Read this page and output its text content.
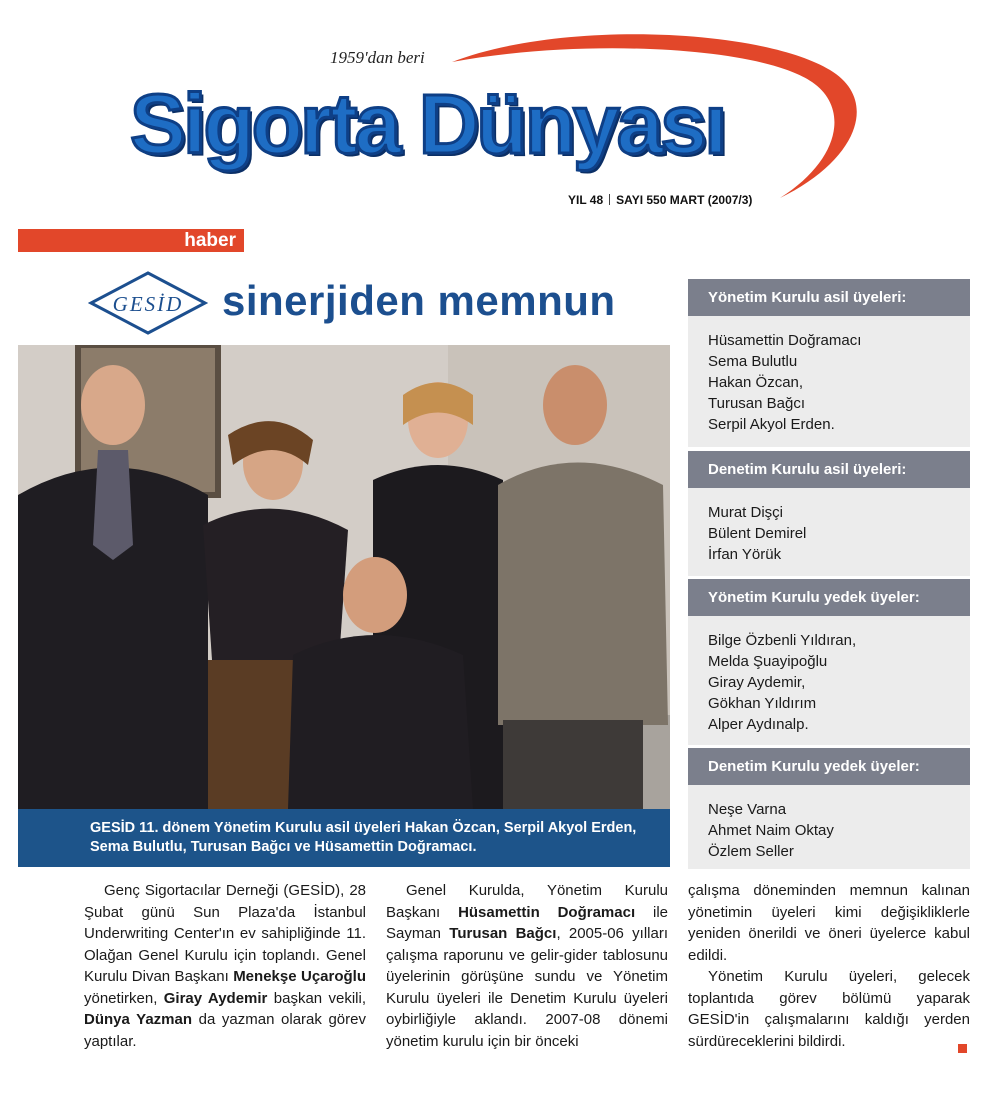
1959'dan beri
Sigorta Dünyası
YIL 48 SAYI 550 MART (2007/3)
haber
GESİD sinerjiden memnun
GESİD 11. dönem Yönetim Kurulu asil üyeleri Hakan Özcan, Serpil Akyol Erden, Sema Bulutlu, Turusan Bağcı ve Hüsamettin Doğramacı.
Yönetim Kurulu asil üyeleri:
Hüsamettin Doğramacı
Sema Bulutlu
Hakan Özcan,
Turusan Bağcı
Serpil Akyol Erden.
Denetim Kurulu asil üyeleri:
Murat Dişçi
Bülent Demirel
İrfan Yörük
Yönetim Kurulu yedek üyeler:
Bilge Özbenli Yıldıran,
Melda Şuayipoğlu
Giray Aydemir,
Gökhan Yıldırım
Alper Aydınalp.
Denetim Kurulu yedek üyeler:
Neşe Varna
Ahmet Naim Oktay
Özlem Seller

Genç Sigortacılar Derneği (GESİD), 28 Şubat günü Sun Plaza'da İstanbul Underwriting Center'ın ev sahipliğinde 11. Olağan Genel Kurulu için toplandı. Genel Kurulu Divan Başkanı Menekşe Uçaroğlu yönetirken, Giray Aydemir başkan vekili, Dünya Yazman da yazman olarak görev yaptılar.

Genel Kurulda, Yönetim Kurulu Başkanı Hüsamettin Doğramacı ile Sayman Turusan Bağcı, 2005-06 yılları çalışma raporunu ve gelir-gider tablosunu üyelerinin görüşüne sundu ve Yönetim Kurulu üyeleri ile Denetim Kurulu üyeleri oybirliğiyle aklandı. 2007-08 dönemi yönetim kurulu için bir önceki

çalışma döneminden memnun kalınan yönetimin üyeleri kimi değişikliklerle yeniden önerildi ve öneri üyelerce kabul edildi.

Yönetim Kurulu üyeleri, gelecek toplantıda görev bölümü yaparak GESİD'in çalışmalarını kaldığı yerden sürdüreceklerini bildirdi.
